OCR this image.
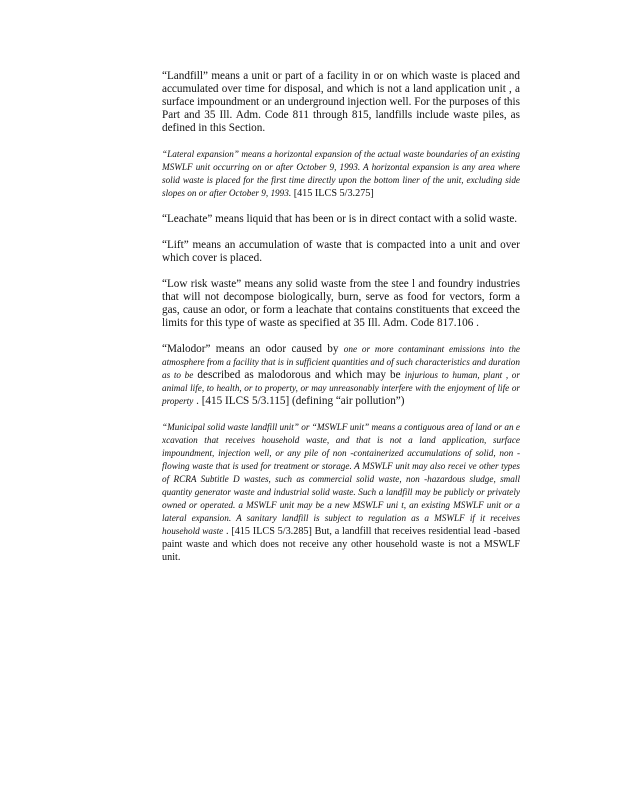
“Landfill” means a unit or part of a facility in or on which waste is placed and accumulated over time for disposal, and which is not a land application unit , a surface impoundment or an underground injection well. For the purposes of this Part and 35 Ill. Adm. Code 811 through 815, landfills include waste piles, as defined in this Section.

“Lateral expansion” means a horizontal expansion of the actual waste boundaries of an existing MSWLF unit occurring on or after October 9, 1993. A horizontal expansion is any area where solid waste is placed for the first time directly upon the bottom liner of the unit, excluding side slopes on or after October 9, 1993. [415 ILCS 5/3.275]

“Leachate” means liquid that has been or is in direct contact with a solid waste.

“Lift” means an accumulation of waste that is compacted into a unit and over which cover is placed.

“Low risk waste” means any solid waste from the stee l and foundry industries that will not decompose biologically, burn, serve as food for vectors, form a gas, cause an odor, or form a leachate that contains constituents that exceed the limits for this type of waste as specified at 35 Ill. Adm. Code 817.106 .

“Malodor” means an odor caused by one or more contaminant emissions into the atmosphere from a facility that is in sufficient quantities and of such characteristics and duration as to be described as malodorous and which may be injurious to human, plant , or animal life, to health, or to property, or may unreasonably interfere with the enjoyment of life or property . [415 ILCS 5/3.115] (defining “air pollution”)

“Municipal solid waste landfill unit” or “MSWLF unit” means a contiguous area of land or an e xcavation that receives household waste, and that is not a land application, surface impoundment, injection well, or any pile of non -containerized accumulations of solid, non -flowing waste that is used for treatment or storage. A MSWLF unit may also recei ve other types of RCRA Subtitle D wastes, such as commercial solid waste, non -hazardous sludge, small quantity generator waste and industrial solid waste. Such a landfill may be publicly or privately owned or operated. a MSWLF unit may be a new MSWLF uni t, an existing MSWLF unit or a lateral expansion. A sanitary landfill is subject to regulation as a MSWLF if it receives household waste . [415 ILCS 5/3.285] But, a landfill that receives residential lead -based paint waste and which does not receive any other household waste is not a MSWLF unit.
